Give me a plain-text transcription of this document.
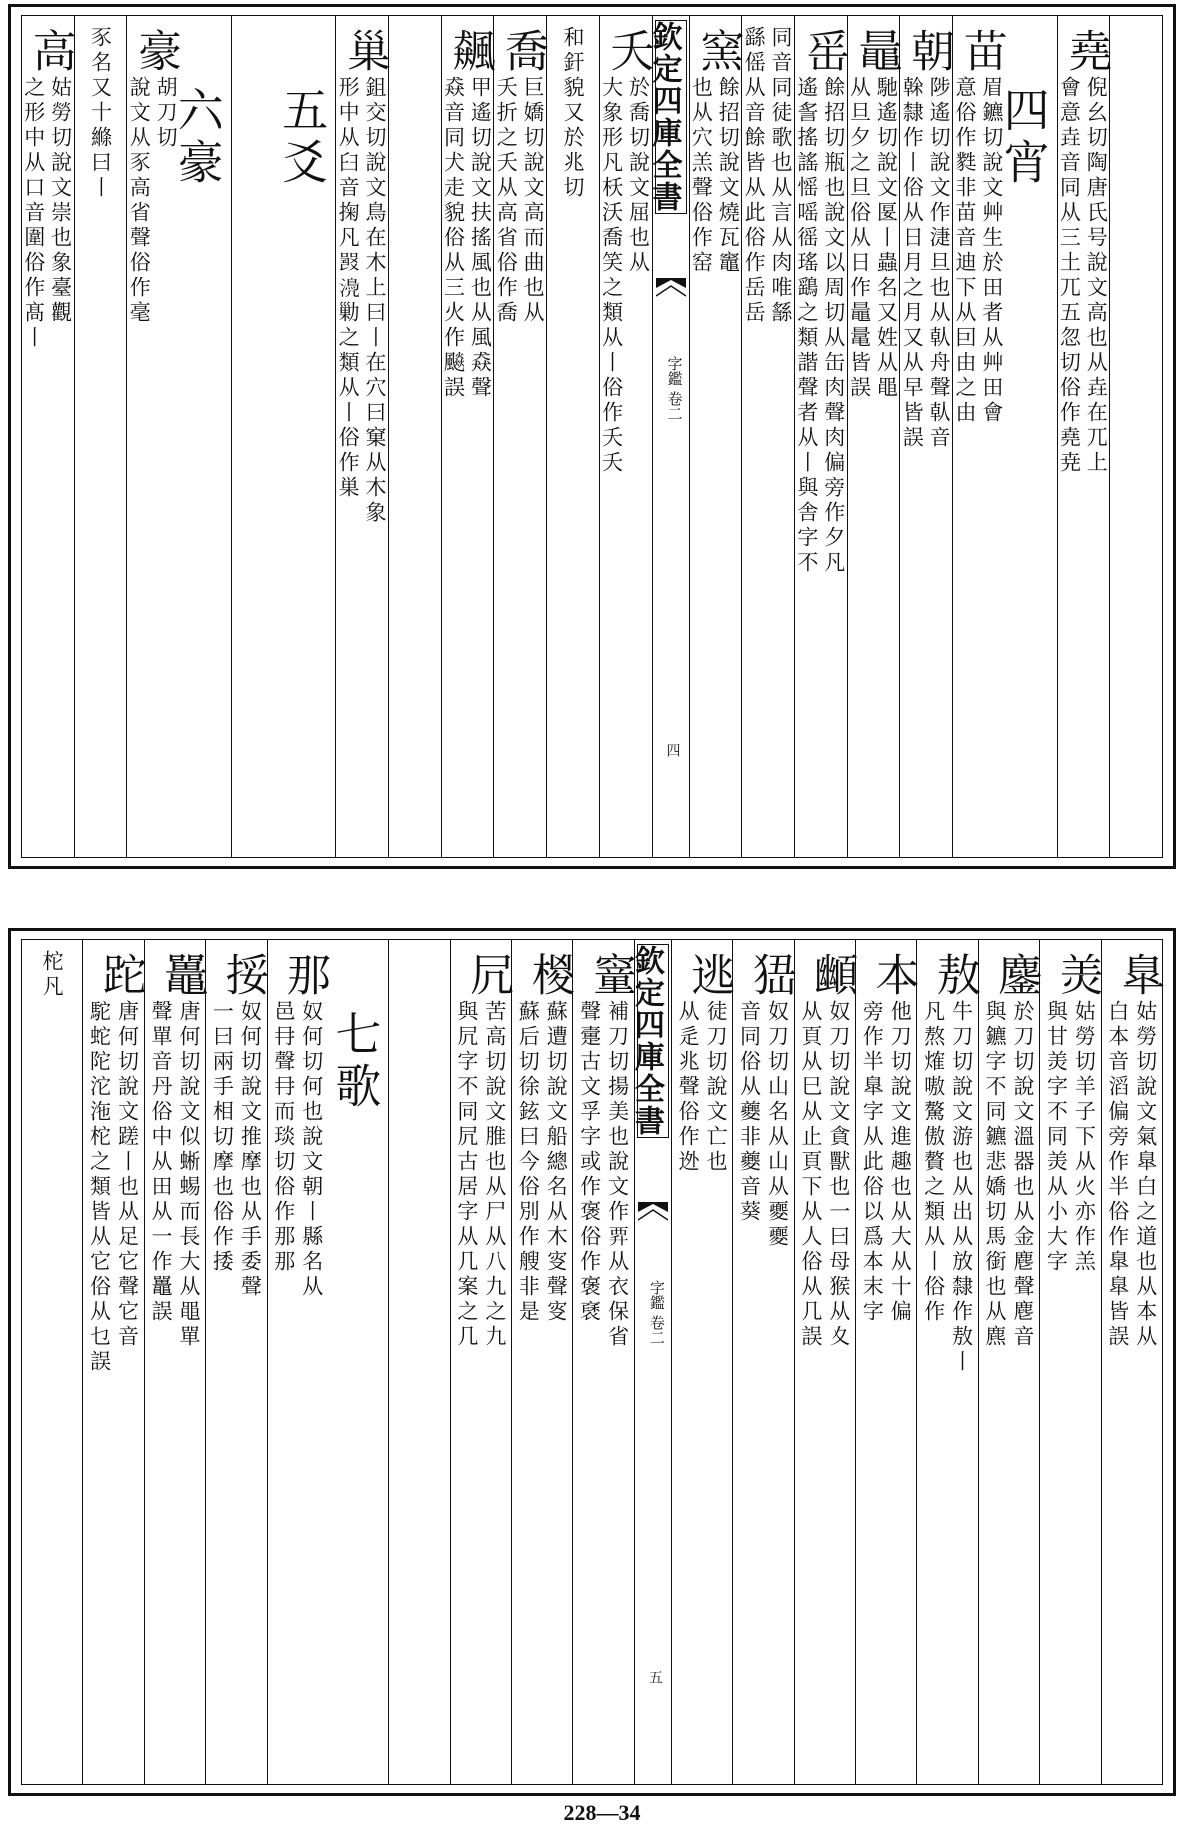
堯
倪幺切陶唐氏号說文高也从垚在兀上
會意垚音同从三土兀五忽切俗作堯尭
四宵
苗
眉鑣切說文艸生於田者从艸田會
意俗作㽔非苗音迪下从囙由之由
朝
陟遙切說文作𣶏旦也从倝舟聲倝音
榦隸作丨俗从日月之月又从早皆誤
鼂
馳遙切說文匽丨蟲名又姓从黽
从旦夕之旦俗从日作鼂鼌皆誤
䍃
餘招切瓶也說文以周切从缶肉聲肉偏旁作夕凡
遙䚻搖謠愮嗂徭瑤鷂之類諧聲者从丨與舎字不
同音同徒歌也从言从肉唯䌛
繇傜从音餘皆从此俗作岳岳
窯
餘招切說文燒瓦竈
也从穴羔聲俗作窑
欽定四庫全書
字鑑 卷二
四
夭
於喬切說文屈也从
大象形凡枖沃喬笑之類从丨俗作夭夭
和釬貌又於兆切
喬
巨嬌切說文高而曲也从
夭折之夭从高省俗作喬
飆
甲遙切說文扶搖風也从風猋聲
猋音同犬走貌俗从三火作飈誤
巢
鉏交切說文鳥在木上曰丨在穴曰窠从木象
形中从臼音掬凡𤕦𣿆勦之類从丨俗作巣
五爻
六豪
豪
胡刀切
說文从豕高省聲俗作毫
豕名又十縧曰丨
高
姑勞切說文崇也象臺觀
之形中从口音圍俗作髙丨
臯
姑勞切說文氣臯白之道也从本从
白本音滔偏旁作半俗作臯臯皆誤
羙
姑勞切羊子下从火亦作羔
與甘羙字不同羙从小大字
鏖
於刀切說文溫器也从金麀聲麀音
與鑣字不同鑣悲嬌切馬銜也从麃
敖
牛刀切說文游也从出从放隸作敖丨
凡熬𤌍嗷驁傲贅之類从丨俗作
本
他刀切說文進趣也从大从十偏
旁作半臯字从此俗以爲本末字
䫜
奴刀切說文貪獸也一曰母猴从夊
从頁从巳从止頁下从人俗从几誤
峱
奴刀切山名从山从夒夒
音同俗从夔非夔音葵
逃
徒刀切說文亡也
从辵兆聲俗作迯
欽定四庫全書
字鑑 卷二
五
䆹
補刀切揚美也說文作𧟨从衣保省
聲㚄古文孚字或作褒俗作褒褎
椶
蘇遭切說文船總名从木叜聲叜
蘇后切徐鉉曰今俗別作艘非是
凥
苦高切說文脽也从尸从八九之九
與凥字不同凥古居字从几案之几
七歌
那
奴何切何也說文朝丨縣名从
邑冄聲冄而琰切俗作那那
挼
奴何切說文推摩也从手委聲
一曰兩手相切摩也俗作捼
鼉
唐何切說文似蜥蜴而長大从黽單
聲單音丹俗中从田从一作鼉誤
跎
唐何切說文蹉丨也从足它聲它音
駝蛇陀沱沲柁之類皆从它俗从乜誤
柁凡
228—34
